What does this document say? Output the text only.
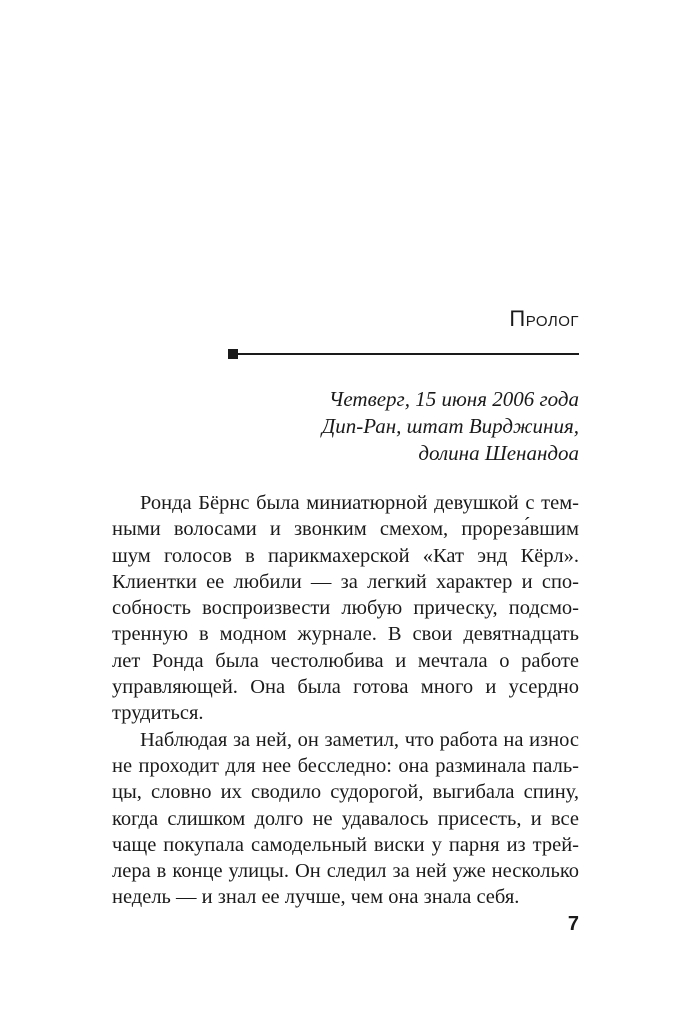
Пролог
Четверг, 15 июня 2006 года
Дип-Ран, штат Вирджиния,
долина Шенандоа
Ронда Бёрнс была миниатюрной девушкой с тем-
ными волосами и звонким смехом, прореза́вшим
шум голосов в парикмахерской «Кат энд Кёрл».
Клиентки ее любили — за легкий характер и спо-
собность воспроизвести любую прическу, подсмо-
тренную в модном журнале. В свои девятнадцать
лет Ронда была честолюбива и мечтала о работе
управляющей. Она была готова много и усердно
трудиться.
Наблюдая за ней, он заметил, что работа на износ
не проходит для нее бесследно: она разминала паль-
цы, словно их сводило судорогой, выгибала спину,
когда слишком долго не удавалось присесть, и все
чаще покупала самодельный виски у парня из трей-
лера в конце улицы. Он следил за ней уже несколько
недель — и знал ее лучше, чем она знала себя.
7
